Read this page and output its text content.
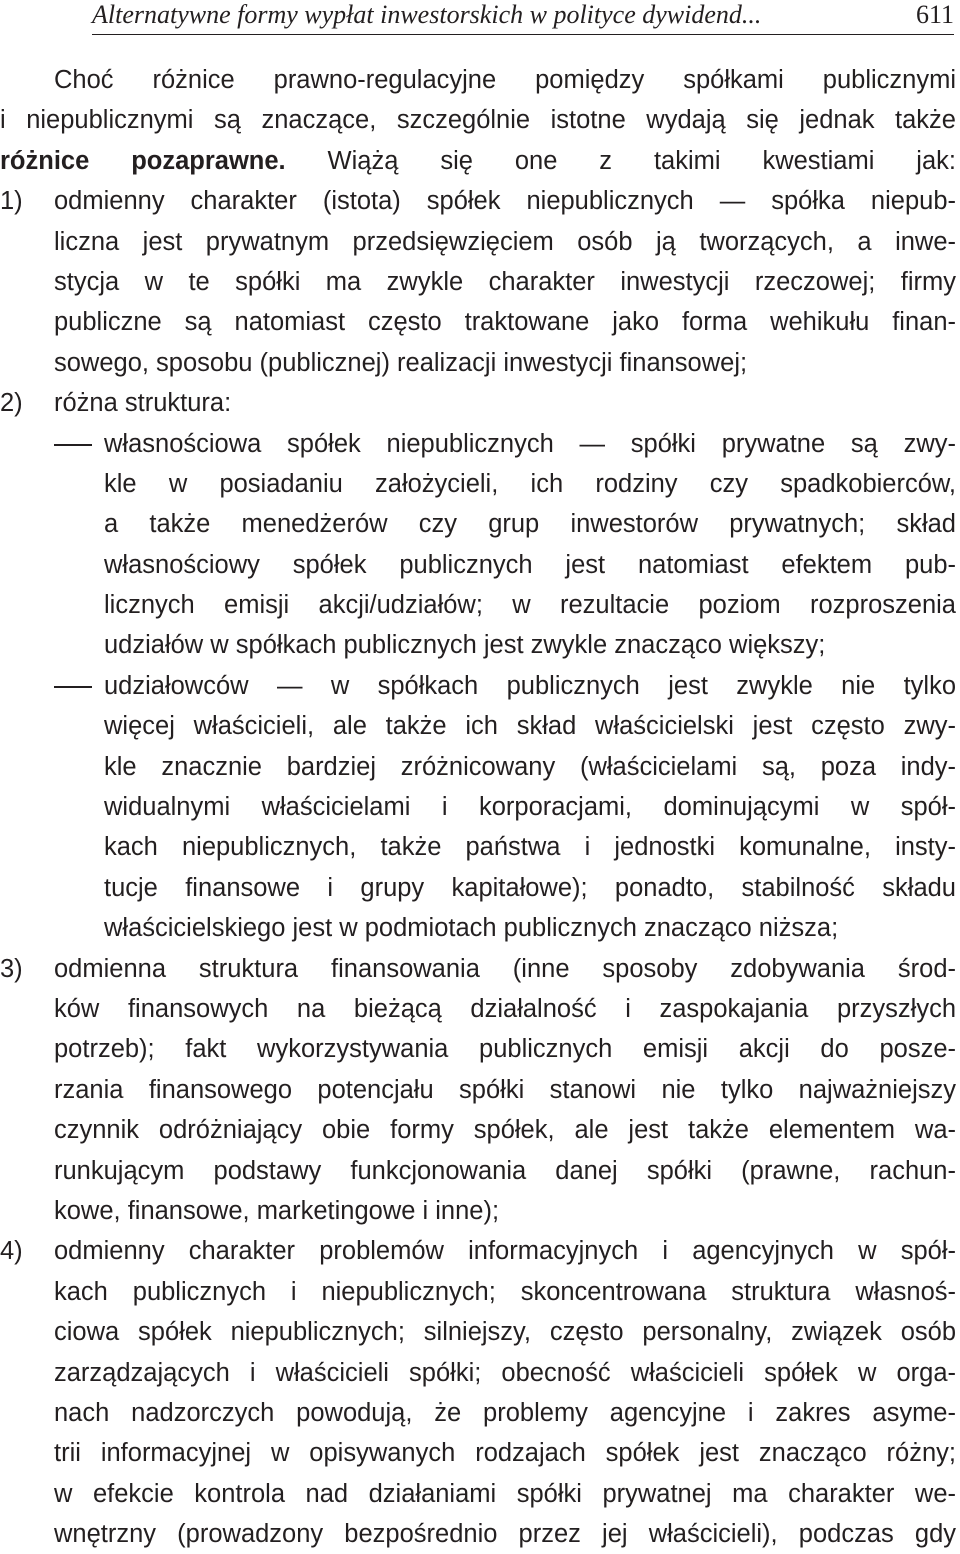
Alternatywne formy wypłat inwestorskich w polityce dywidend...	611
Choć różnice prawno-regulacyjne pomiędzy spółkami publicznymi
i niepublicznymi są znaczące, szczególnie istotne wydają się jednak także
różnice pozaprawne. Wiążą się one z takimi kwestiami jak:
1)	odmienny charakter (istota) spółek niepublicznych — spółka niepub-
liczna jest prywatnym przedsięwzięciem osób ją tworzących, a inwe-
stycja w te spółki ma zwykle charakter inwestycji rzeczowej; firmy
publiczne są natomiast często traktowane jako forma wehikułu finan-
sowego, sposobu (publicznej) realizacji inwestycji finansowej;
2)	różna struktura:
własnościowa spółek niepublicznych — spółki prywatne są zwy-
kle w posiadaniu założycieli, ich rodziny czy spadkobierców,
a także menedżerów czy grup inwestorów prywatnych; skład
własnościowy spółek publicznych jest natomiast efektem pub-
licznych emisji akcji/udziałów; w rezultacie poziom rozproszenia
udziałów w spółkach publicznych jest zwykle znacząco większy;
udziałowców — w spółkach publicznych jest zwykle nie tylko
więcej właścicieli, ale także ich skład właścicielski jest często zwy-
kle znacznie bardziej zróżnicowany (właścicielami są, poza indy-
widualnymi właścicielami i korporacjami, dominującymi w spół-
kach niepublicznych, także państwa i jednostki komunalne, insty-
tucje finansowe i grupy kapitałowe); ponadto, stabilność składu
właścicielskiego jest w podmiotach publicznych znacząco niższa;
3)	odmienna struktura finansowania (inne sposoby zdobywania środ-
ków finansowych na bieżącą działalność i zaspokajania przyszłych
potrzeb); fakt wykorzystywania publicznych emisji akcji do posze-
rzania finansowego potencjału spółki stanowi nie tylko najważniejszy
czynnik odróżniający obie formy spółek, ale jest także elementem wa-
runkującym podstawy funkcjonowania danej spółki (prawne, rachun-
kowe, finansowe, marketingowe i inne);
4)	odmienny charakter problemów informacyjnych i agencyjnych w spół-
kach publicznych i niepublicznych; skoncentrowana struktura własnoś-
ciowa spółek niepublicznych; silniejszy, często personalny, związek osób
zarządzających i właścicieli spółki; obecność właścicieli spółek w orga-
nach nadzorczych powodują, że problemy agencyjne i zakres asyme-
trii informacyjnej w opisywanych rodzajach spółek jest znacząco różny;
w efekcie kontrola nad działaniami spółki prywatnej ma charakter we-
wnętrzny (prowadzony bezpośrednio przez jej właścicieli), podczas gdy
